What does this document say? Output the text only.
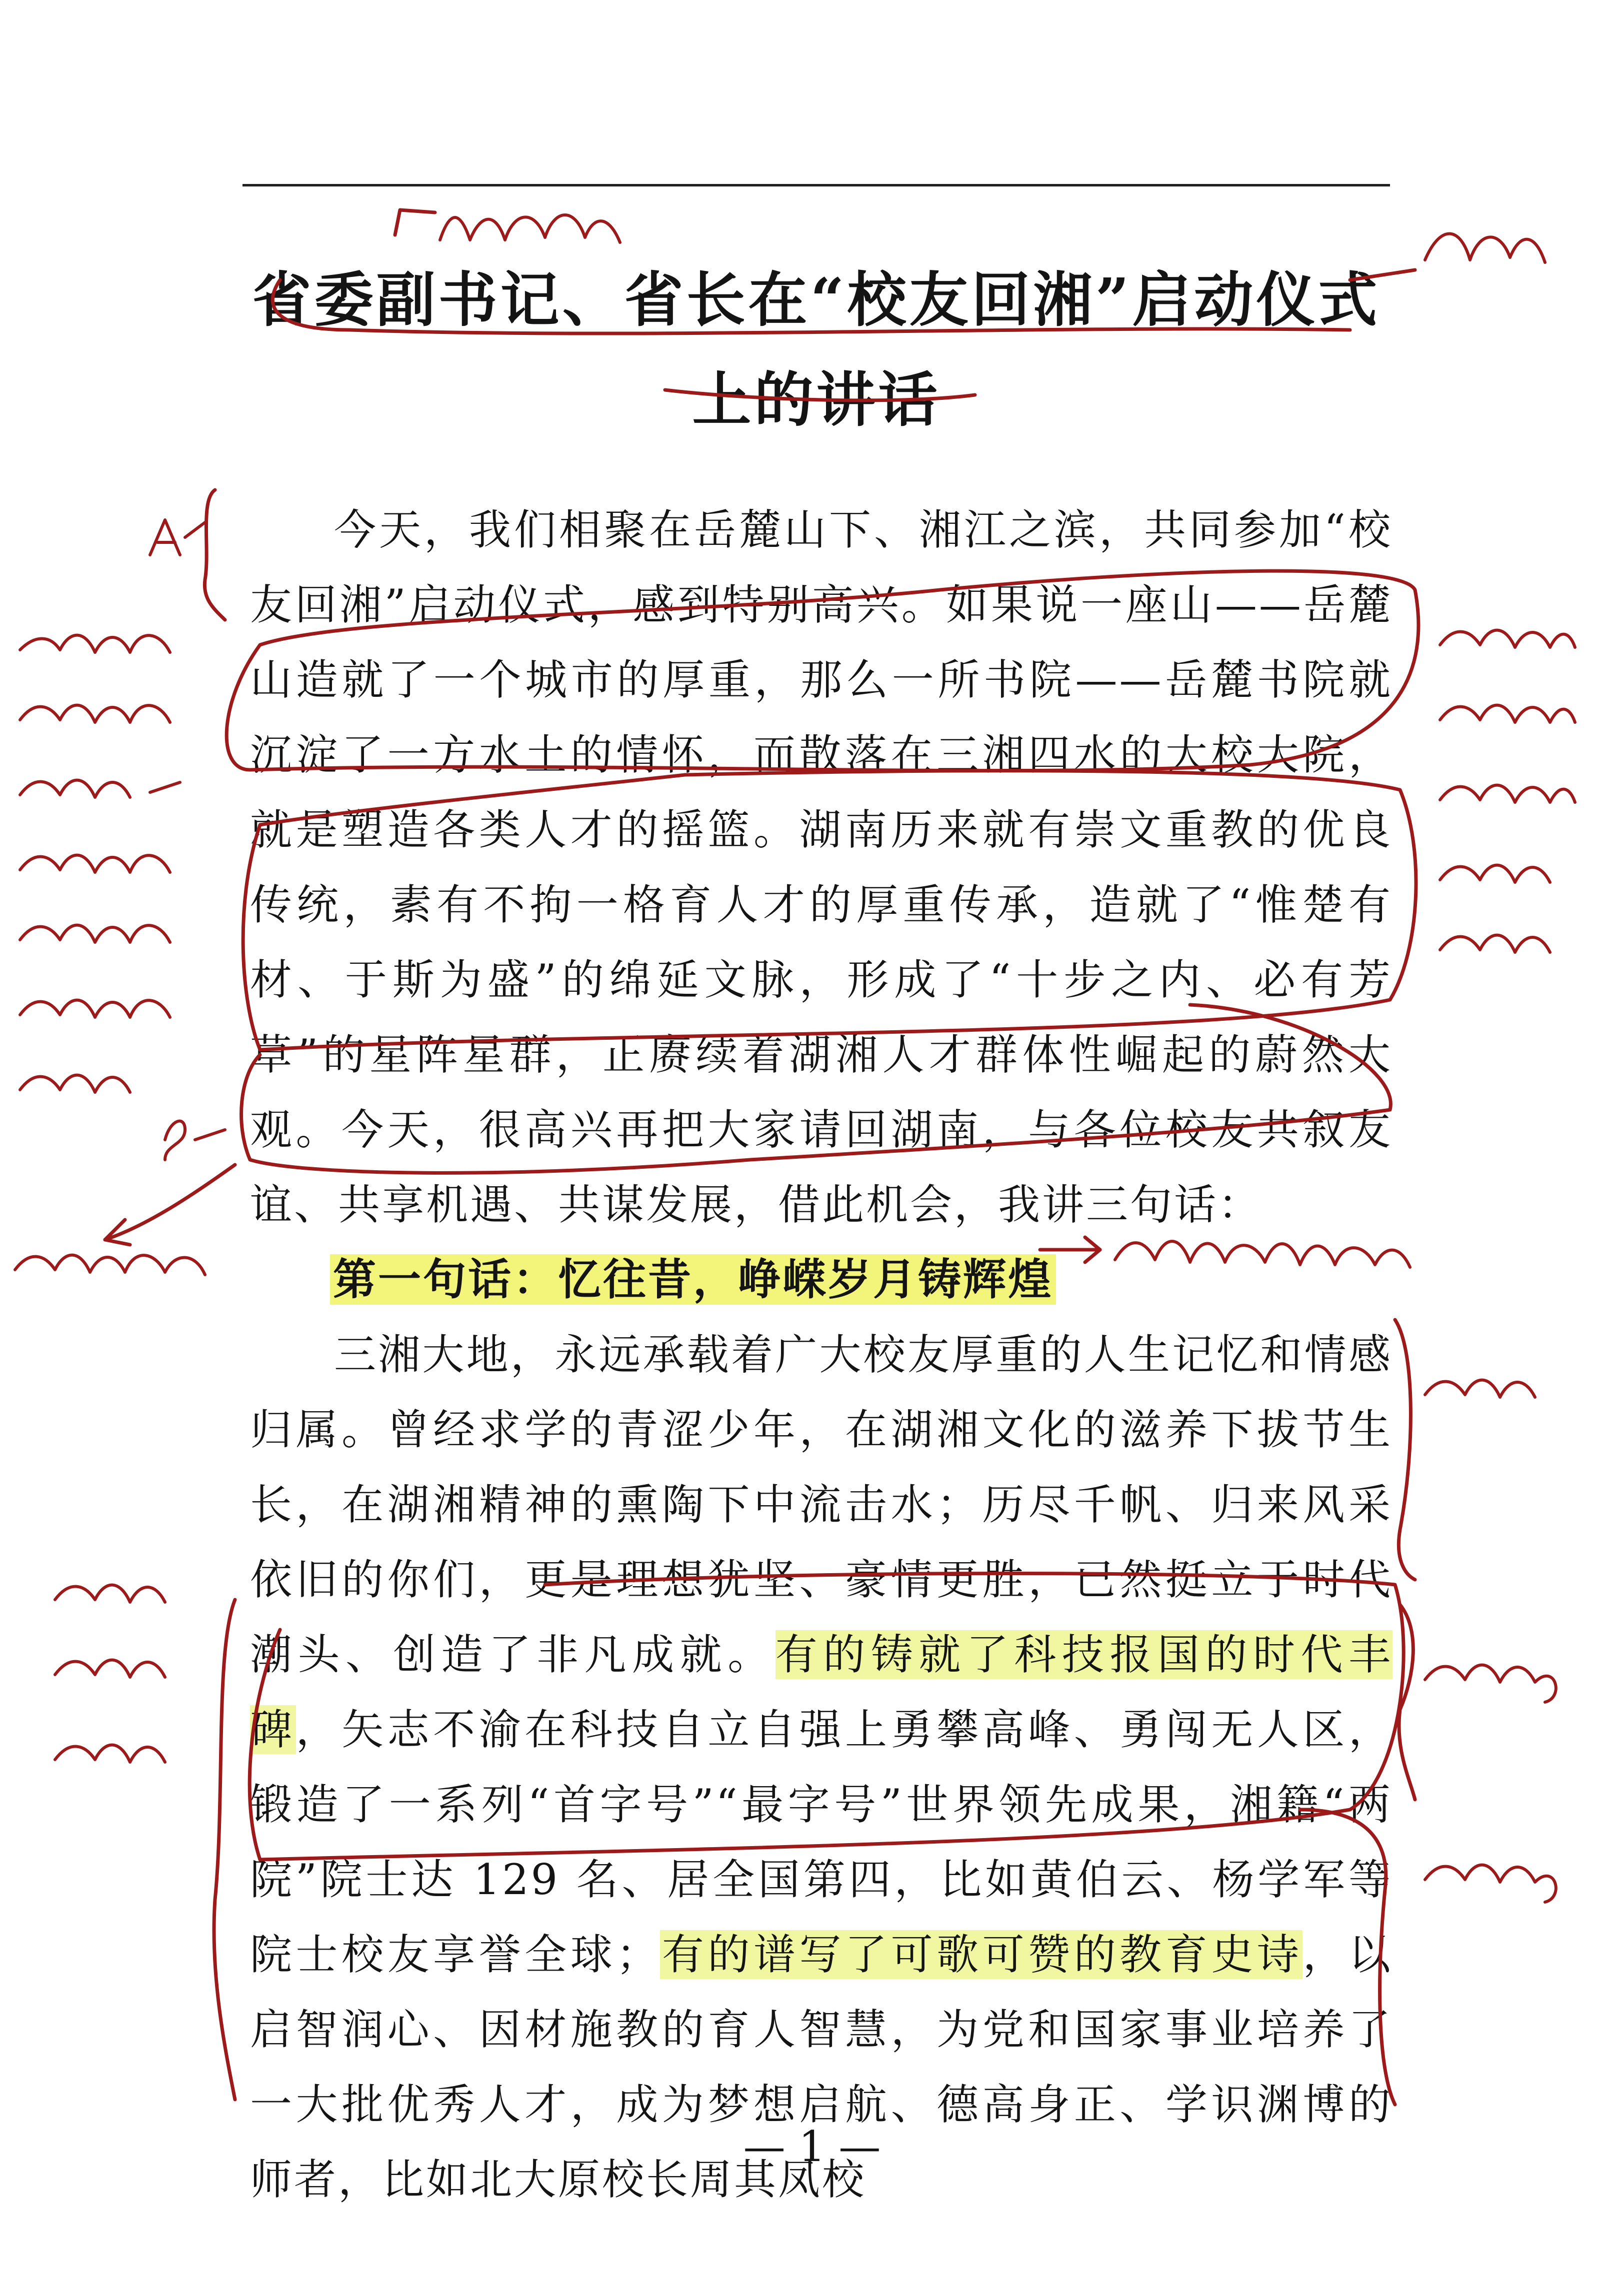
省委副书记、省长在“校友回湘”启动仪式上的讲话

今天，我们相聚在岳麓山下、湘江之滨，共同参加“校友回湘”启动仪式，感到特别高兴。如果说一座山——岳麓山造就了一个城市的厚重，那么一所书院——岳麓书院就沉淀了一方水土的情怀，而散落在三湘四水的大校大院，就是塑造各类人才的摇篮。湖南历来就有崇文重教的优良传统，素有不拘一格育人才的厚重传承，造就了“惟楚有材、于斯为盛”的绵延文脉，形成了“十步之内、必有芳草”的星阵星群，正赓续着湖湘人才群体性崛起的蔚然大观。今天，很高兴再把大家请回湖南，与各位校友共叙友谊、共享机遇、共谋发展，借此机会，我讲三句话：

第一句话：忆往昔，峥嵘岁月铸辉煌

三湘大地，永远承载着广大校友厚重的人生记忆和情感归属。曾经求学的青涩少年，在湖湘文化的滋养下拔节生长，在湖湘精神的熏陶下中流击水；历尽千帆、归来风采依旧的你们，更是理想犹坚、豪情更胜，已然挺立于时代潮头、创造了非凡成就。有的铸就了科技报国的时代丰碑，矢志不渝在科技自立自强上勇攀高峰、勇闯无人区，锻造了一系列“首字号”“最字号”世界领先成果，湘籍“两院”院士达 129 名、居全国第四，比如黄伯云、杨学军等院士校友享誉全球；有的谱写了可歌可赞的教育史诗，以启智润心、因材施教的育人智慧，为党和国家事业培养了一大批优秀人才，成为梦想启航、德高身正、学识渊博的师者，比如北大原校长周其凤校

— 1 —
